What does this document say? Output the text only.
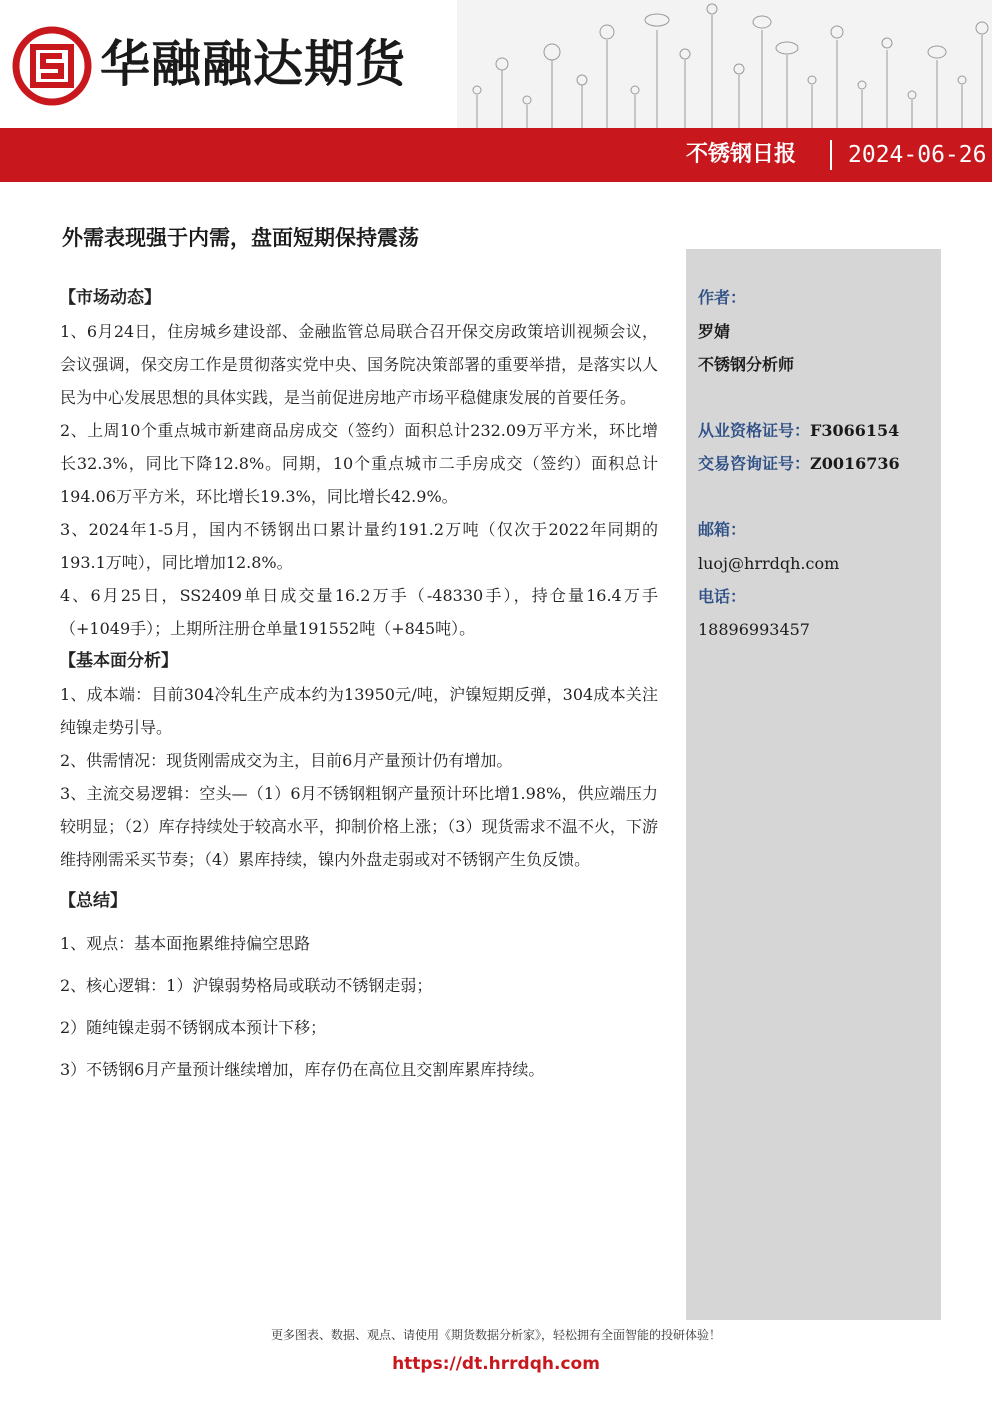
华融融达期货
不锈钢日报 2024-06-26
外需表现强于内需，盘面短期保持震荡
【市场动态】
1、6月24日，住房城乡建设部、金融监管总局联合召开保交房政策培训视频会议，会议强调，保交房工作是贯彻落实党中央、国务院决策部署的重要举措，是落实以人民为中心发展思想的具体实践，是当前促进房地产市场平稳健康发展的首要任务。
2、上周10个重点城市新建商品房成交（签约）面积总计232.09万平方米，环比增长32.3%，同比下降12.8%。同期，10个重点城市二手房成交（签约）面积总计194.06万平方米，环比增长19.3%，同比增长42.9%。
3、2024年1-5月，国内不锈钢出口累计量约191.2万吨（仅次于2022年同期的193.1万吨），同比增加12.8%。
4、6月25日，SS2409单日成交量16.2万手（-48330手），持仓量16.4万手（+1049手）；上期所注册仓单量191552吨（+845吨）。
【基本面分析】
1、成本端：目前304冷轧生产成本约为13950元/吨，沪镍短期反弹，304成本关注纯镍走势引导。
2、供需情况：现货刚需成交为主，目前6月产量预计仍有增加。
3、主流交易逻辑：空头—（1）6月不锈钢粗钢产量预计环比增1.98%，供应端压力较明显；（2）库存持续处于较高水平，抑制价格上涨；（3）现货需求不温不火，下游维持刚需采买节奏；（4）累库持续，镍内外盘走弱或对不锈钢产生负反馈。
【总结】
1、观点：基本面拖累维持偏空思路
2、核心逻辑：1）沪镍弱势格局或联动不锈钢走弱；
2）随纯镍走弱不锈钢成本预计下移；
3）不锈钢6月产量预计继续增加，库存仍在高位且交割库累库持续。
作者：
罗婧
不锈钢分析师
从业资格证号：F3066154
交易咨询证号：Z0016736
邮箱：
luoj@hrrdqh.com
电话：
18896993457
更多图表、数据、观点、请使用《期货数据分析家》，轻松拥有全面智能的投研体验！
https://dt.hrrdqh.com
